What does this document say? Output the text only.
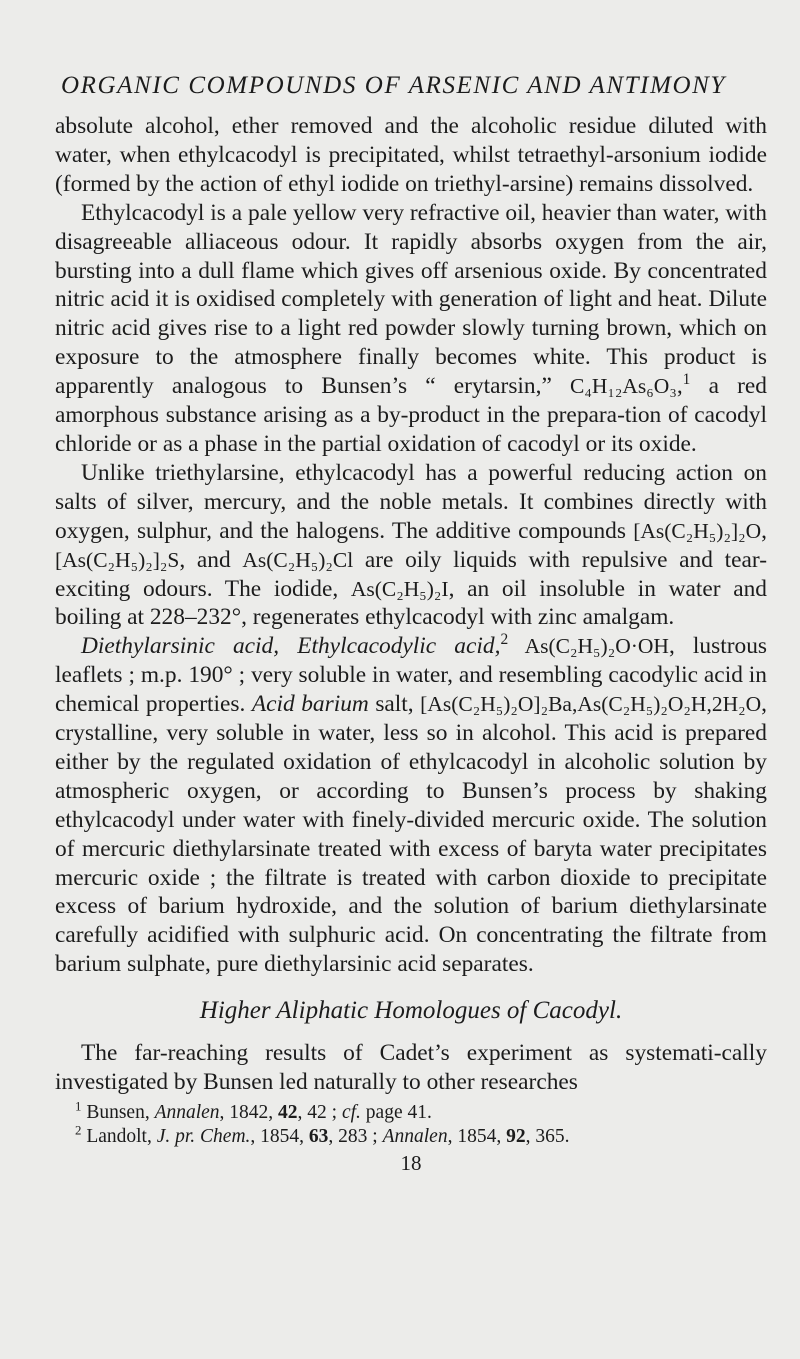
ORGANIC COMPOUNDS OF ARSENIC AND ANTIMONY

absolute alcohol, ether removed and the alcoholic residue diluted with water, when ethylcacodyl is precipitated, whilst tetraethyl-arsonium iodide (formed by the action of ethyl iodide on triethyl-arsine) remains dissolved.

Ethylcacodyl is a pale yellow very refractive oil, heavier than water, with disagreeable alliaceous odour. It rapidly absorbs oxygen from the air, bursting into a dull flame which gives off arsenious oxide. By concentrated nitric acid it is oxidised completely with generation of light and heat. Dilute nitric acid gives rise to a light red powder slowly turning brown, which on exposure to the atmosphere finally becomes white. This product is apparently analogous to Bunsen’s “ erytarsin,” C₄H₁₂As₆O₃,$^1$ a red amorphous substance arising as a by-product in the prepara-tion of cacodyl chloride or as a phase in the partial oxidation of cacodyl or its oxide.

Unlike triethylarsine, ethylcacodyl has a powerful reducing action on salts of silver, mercury, and the noble metals. It combines directly with oxygen, sulphur, and the halogens. The additive compounds [As(C₂H₅)₂]₂O, [As(C₂H₅)₂]₂S, and As(C₂H₅)₂Cl are oily liquids with repulsive and tear-exciting odours. The iodide, As(C₂H₅)₂I, an oil insoluble in water and boiling at 228–232°, regenerates ethylcacodyl with zinc amalgam.

Diethylarsinic acid, Ethylcacodylic acid,$^2$ As(C₂H₅)₂O·OH, lustrous leaflets ; m.p. 190° ; very soluble in water, and resembling cacodylic acid in chemical properties. Acid barium salt, [As(C₂H₅)₂O]₂Ba,As(C₂H₅)₂O₂H,2H₂O, crystalline, very soluble in water, less so in alcohol. This acid is prepared either by the regulated oxidation of ethylcacodyl in alcoholic solution by atmospheric oxygen, or according to Bunsen’s process by shaking ethylcacodyl under water with finely-divided mercuric oxide. The solution of mercuric diethylarsinate treated with excess of baryta water precipitates mercuric oxide ; the filtrate is treated with carbon dioxide to precipitate excess of barium hydroxide, and the solution of barium diethylarsinate carefully acidified with sulphuric acid. On concentrating the filtrate from barium sulphate, pure diethylarsinic acid separates.

Higher Aliphatic Homologues of Cacodyl.

The far-reaching results of Cadet’s experiment as systemati-cally investigated by Bunsen led naturally to other researches

$^1$ Bunsen, Annalen, 1842, 42, 42 ; cf. page 41.

$^2$ Landolt, J. pr. Chem., 1854, 63, 283 ; Annalen, 1854, 92, 365.

18
